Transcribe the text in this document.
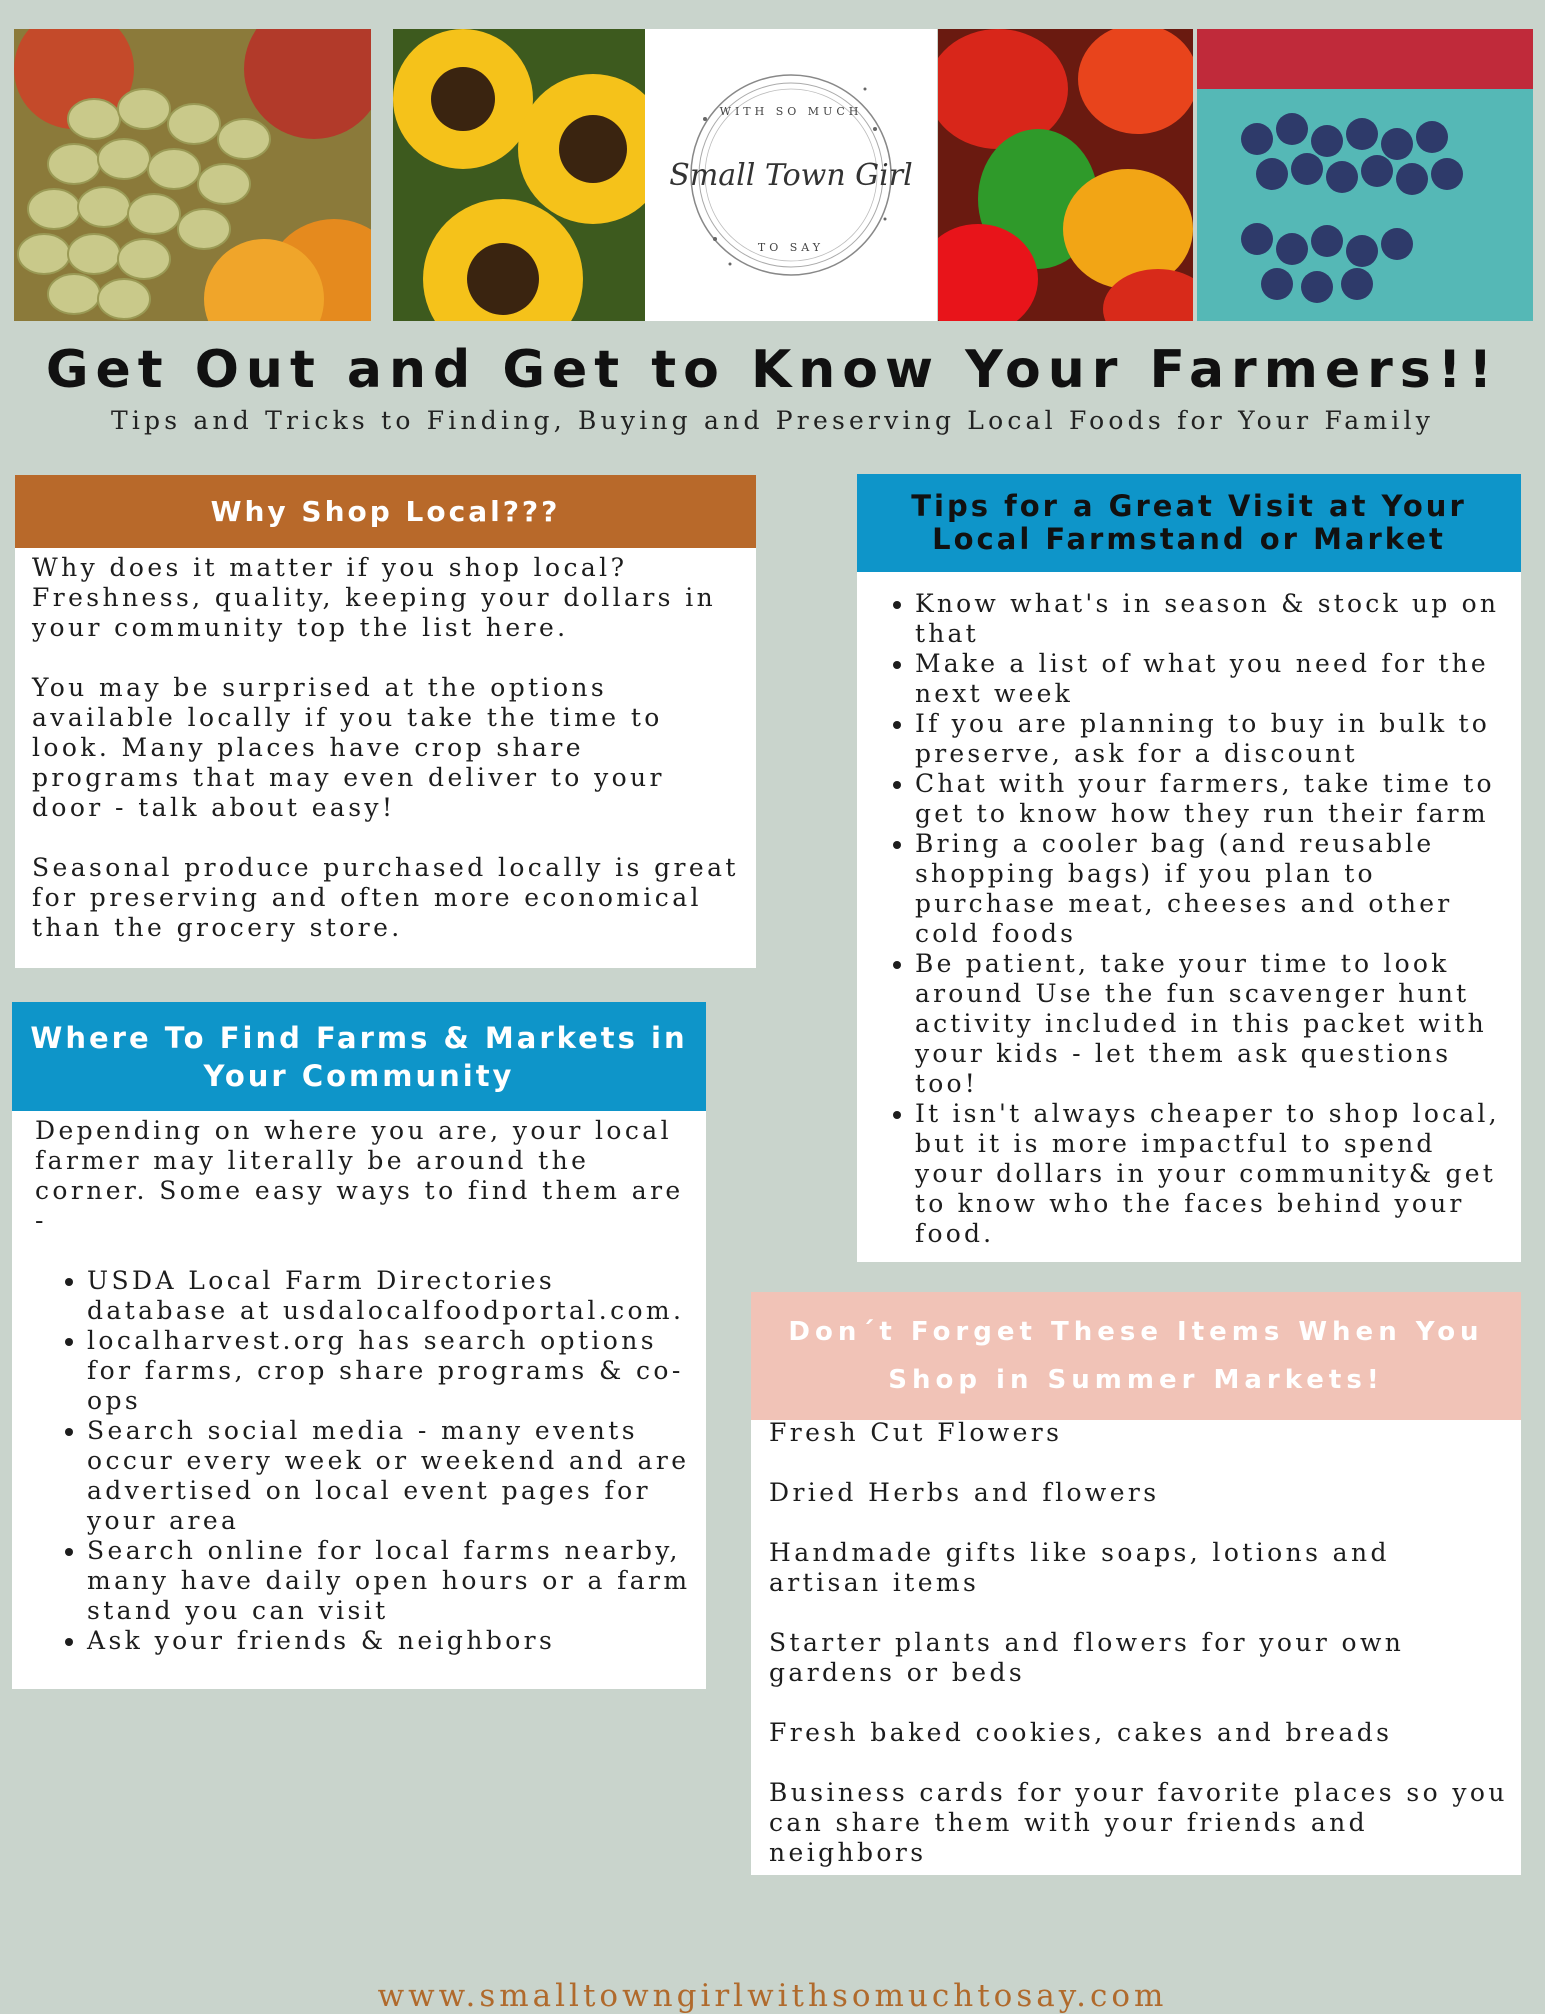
WITH SO MUCH
Small Town Girl
TO SAY
Get Out and Get to Know Your Farmers!!
Tips and Tricks to Finding, Buying and Preserving Local Foods for Your Family
Why Shop Local???

Why does it matter if you shop local? Freshness, quality, keeping your dollars in your community top the list here.

You may be surprised at the options available locally if you take the time to look. Many places have crop share programs that may even deliver to your door - talk about easy!

Seasonal produce purchased locally is great for preserving and often more economical than the grocery store.

Where To Find Farms & Markets in Your Community
Depending on where you are, your local farmer may literally be around the corner. Some easy ways to find them are -
• USDA Local Farm Directories database at usdalocalfoodportal.com.
• localharvest.org has search options for farms, crop share programs & co-ops
• Search social media - many events occur every week or weekend and are advertised on local event pages for your area
• Search online for local farms nearby, many have daily open hours or a farm stand you can visit
• Ask your friends & neighbors
Tips for a Great Visit at Your Local Farmstand or Market
• Know what's in season & stock up on that
• Make a list of what you need for the next week
• If you are planning to buy in bulk to preserve, ask for a discount
• Chat with your farmers, take time to get to know how they run their farm
• Bring a cooler bag (and reusable shopping bags) if you plan to purchase meat, cheeses and other cold foods
• Be patient, take your time to look around Use the fun scavenger hunt activity included in this packet with your kids - let them ask questions too!
• It isn't always cheaper to shop local, but it is more impactful to spend your dollars in your community& get to know who the faces behind your food.
Don´t Forget These Items When You Shop in Summer Markets!

Fresh Cut Flowers

Dried Herbs and flowers

Handmade gifts like soaps, lotions and artisan items

Starter plants and flowers for your own gardens or beds

Fresh baked cookies, cakes and breads

Business cards for your favorite places so you can share them with your friends and neighbors

www.smalltowngirlwithsomuchtosay.com
